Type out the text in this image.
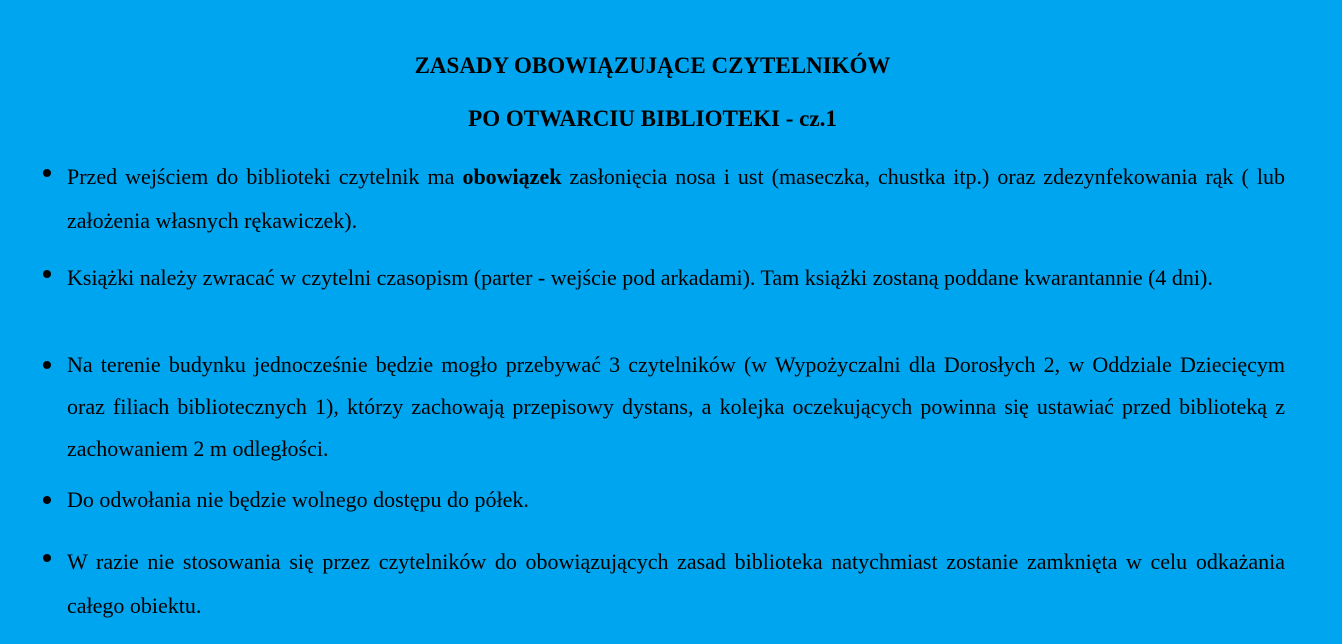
ZASADY OBOWIĄZUJĄCE CZYTELNIKÓW
PO OTWARCIU BIBLIOTEKI - cz.1
Przed wejściem do biblioteki czytelnik ma obowiązek zasłonięcia nosa i ust (maseczka, chustka itp.) oraz zdezynfekowania rąk ( lub założenia własnych rękawiczek).
Książki należy zwracać w czytelni czasopism (parter - wejście pod arkadami). Tam książki zostaną poddane kwarantannie (4 dni).
Na terenie budynku jednocześnie będzie mogło przebywać 3 czytelników (w Wypożyczalni dla Dorosłych 2, w Oddziale Dziecięcym oraz filiach bibliotecznych 1), którzy zachowają przepisowy dystans, a kolejka oczekujących powinna się ustawiać przed biblioteką z zachowaniem 2 m odległości.
Do odwołania nie będzie wolnego dostępu do półek.
W razie nie stosowania się przez czytelników do obowiązujących zasad biblioteka natychmiast zostanie zamknięta w celu odkażania całego obiektu.
